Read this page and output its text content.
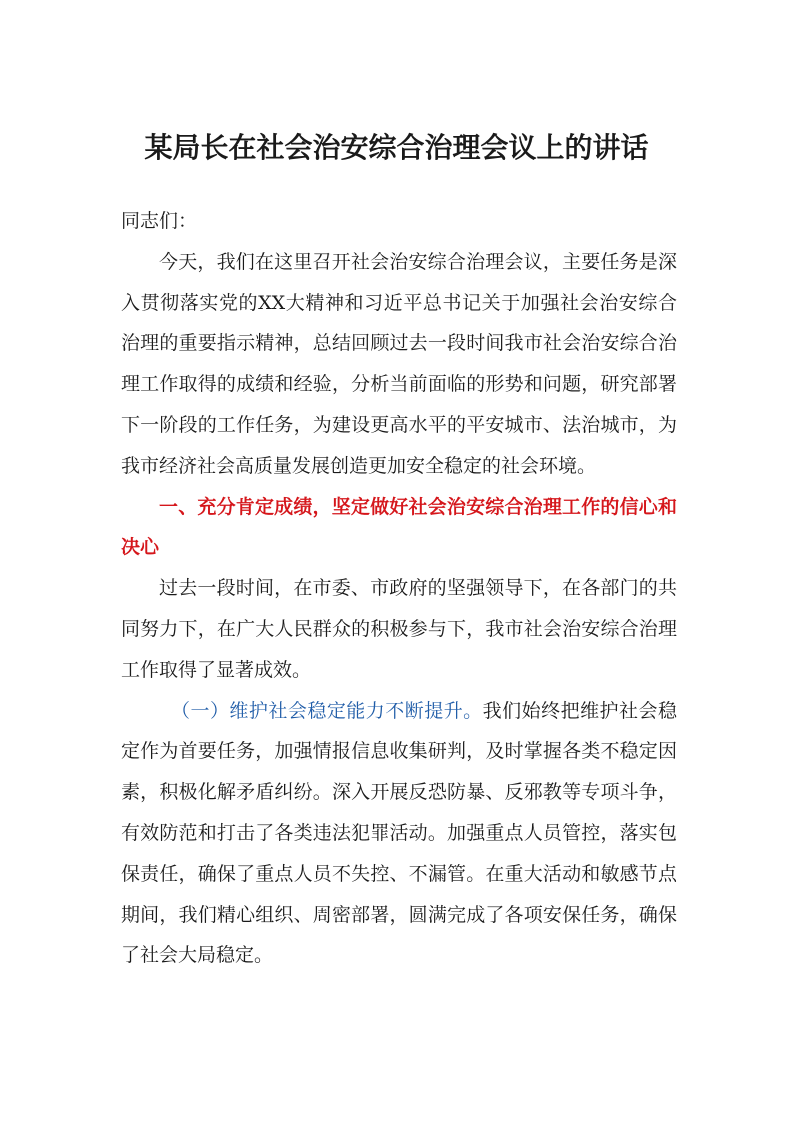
某局长在社会治安综合治理会议上的讲话

同志们：

今天，我们在这里召开社会治安综合治理会议，主要任务是深入贯彻落实党的XX大精神和习近平总书记关于加强社会治安综合治理的重要指示精神，总结回顾过去一段时间我市社会治安综合治理工作取得的成绩和经验，分析当前面临的形势和问题，研究部署下一阶段的工作任务，为建设更高水平的平安城市、法治城市，为我市经济社会高质量发展创造更加安全稳定的社会环境。

一、充分肯定成绩，坚定做好社会治安综合治理工作的信心和决心

过去一段时间，在市委、市政府的坚强领导下，在各部门的共同努力下，在广大人民群众的积极参与下，我市社会治安综合治理工作取得了显著成效。

（一）维护社会稳定能力不断提升。我们始终把维护社会稳定作为首要任务，加强情报信息收集研判，及时掌握各类不稳定因素，积极化解矛盾纠纷。深入开展反恐防暴、反邪教等专项斗争，有效防范和打击了各类违法犯罪活动。加强重点人员管控，落实包保责任，确保了重点人员不失控、不漏管。在重大活动和敏感节点期间，我们精心组织、周密部署，圆满完成了各项安保任务，确保了社会大局稳定。
